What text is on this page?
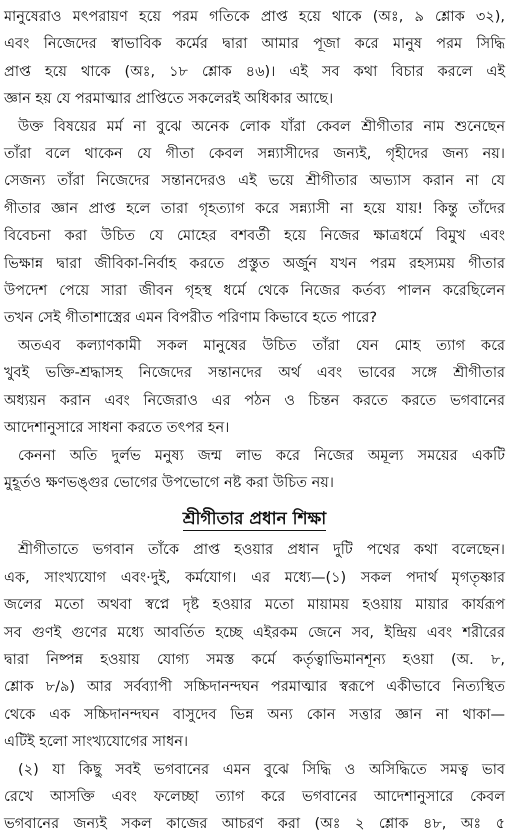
মানুষেরাও মৎপরায়ণ হয়ে পরম গতিকে প্রাপ্ত হয়ে থাকে (অঃ, ৯ শ্লোক ৩২),
এবং নিজেদের স্বাভাবিক কর্মের দ্বারা আমার পূজা করে মানুষ পরম সিদ্ধি
প্রাপ্ত হয়ে থাকে (অঃ, ১৮ শ্লোক ৪৬)। এই সব কথা বিচার করলে এই
জ্ঞান হয় যে পরমাত্মার প্রাপ্তিতে সকলেরই অধিকার আছে।

উক্ত বিষয়ের মর্ম না বুঝে অনেক লোক যাঁরা কেবল শ্রীগীতার নাম শুনেছেন
তাঁরা বলে থাকেন যে গীতা কেবল সন্ন্যাসীদের জন্যই, গৃহীদের জন্য নয়।
সেজন্য তাঁরা নিজেদের সন্তানদেরও এই ভয়ে শ্রীগীতার অভ্যাস করান না যে
গীতার জ্ঞান প্রাপ্ত হলে তারা গৃহত্যাগ করে সন্ন্যাসী না হয়ে যায়! কিন্তু তাঁদের
বিবেচনা করা উচিত যে মোহের বশবর্তী হয়ে নিজের ক্ষাত্রধর্মে বিমুখ এবং
ভিক্ষান্ন দ্বারা জীবিকা-নির্বাহ করতে প্রস্তুত অর্জুন যখন পরম রহস্যময় গীতার
উপদেশ পেয়ে সারা জীবন গৃহস্থ ধর্মে থেকে নিজের কর্তব্য পালন করেছিলেন
তখন সেই গীতাশাস্ত্রের এমন বিপরীত পরিণাম কিভাবে হতে পারে?

অতএব কল্যাণকামী সকল মানুষের উচিত তাঁরা যেন মোহ ত্যাগ করে
খুবই ভক্তি-শ্রদ্ধাসহ নিজেদের সন্তানদের অর্থ এবং ভাবের সঙ্গে শ্রীগীতার
অধ্যয়ন করান এবং নিজেরাও এর পঠন ও চিন্তন করতে করতে ভগবানের
আদেশানুসারে সাধনা করতে তৎপর হন।

কেননা অতি দুর্লভ মনুষ্য জন্ম লাভ করে নিজের অমূল্য সময়ের একটি
মুহূর্তও ক্ষণভঙ্গুর ভোগের উপভোগে নষ্ট করা উচিত নয়।

শ্রীগীতার প্রধান শিক্ষা

শ্রীগীতাতে ভগবান তাঁকে প্রাপ্ত হওয়ার প্রধান দুটি পথের কথা বলেছেন।
এক, সাংখ্যযোগ এবং·দুই, কর্মযোগ। এর মধ্যে—(১) সকল পদার্থ মৃগতৃষ্ণার
জলের মতো অথবা স্বপ্নে দৃষ্ট হওয়ার মতো মায়াময় হওয়ায় মায়ার কার্যরূপ
সব গুণই গুণের মধ্যে আবর্তিত হচ্ছে এইরকম জেনে সব, ইন্দ্রিয় এবং শরীরের
দ্বারা নিষ্পন্ন হওয়ায় যোগ্য সমস্ত কর্মে কর্তৃত্বাভিমানশূন্য হওয়া (অ. ৮,
শ্লোক ৮/৯) আর সর্বব্যাপী সচ্চিদানন্দঘন পরমাত্মার স্বরূপে একীভাবে নিত্যস্থিত
থেকে এক সচ্চিদানন্দঘন বাসুদেব ভিন্ন অন্য কোন সত্তার জ্ঞান না থাকা—
এটিই হলো সাংখ্যযোগের সাধন।

(২) যা কিছু সবই ভগবানের এমন বুঝে সিদ্ধি ও অসিদ্ধিতে সমত্ব ভাব
রেখে আসক্তি এবং ফলেচ্ছা ত্যাগ করে ভগবানের আদেশানুসারে কেবল
ভগবানের জন্যই সকল কাজের আচরণ করা (অঃ ২ শ্লোক ৪৮, অঃ ৫
